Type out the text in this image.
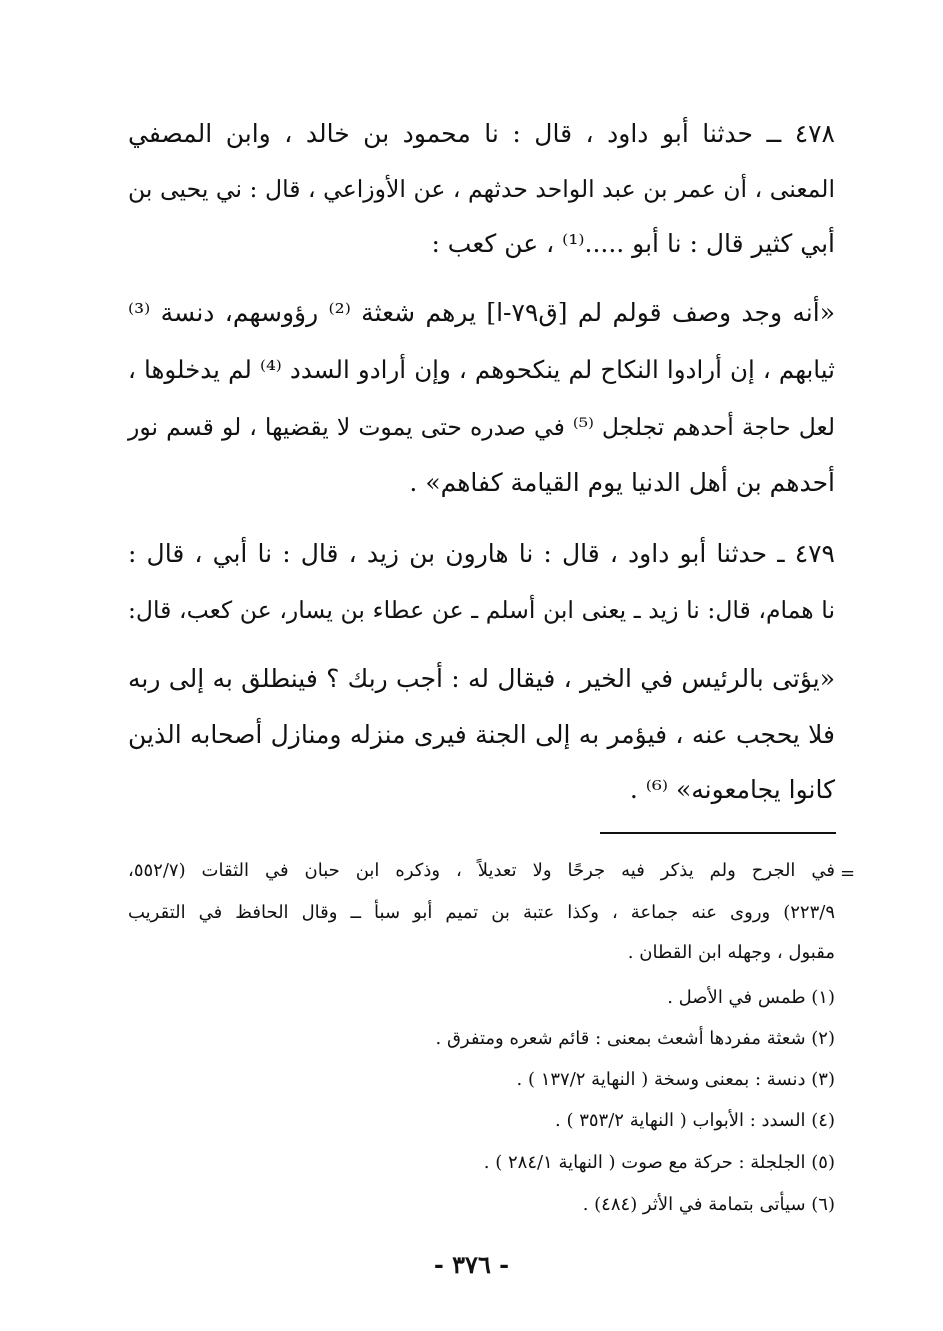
٤٧٨ ــ حدثنا أبو داود ، قال : نا محمود بن خالد ، وابن المصفي
المعنى ، أن عمر بن عبد الواحد حدثهم ، عن الأوزاعي ، قال : ني يحيى بن
أبي كثير قال : نا أبو .....⁽¹⁾ ، عن كعب :
«أنه وجد وصف قولم لم [ق٧٩-ا] يرهم شعثة ⁽²⁾ رؤوسهم، دنسة ⁽³⁾
ثيابهم ، إن أرادوا النكاح لم ينكحوهم ، وإن أرادو السدد ⁽⁴⁾ لم يدخلوها ،
لعل حاجة أحدهم تجلجل ⁽⁵⁾ في صدره حتى يموت لا يقضيها ، لو قسم نور
أحدهم بن أهل الدنيا يوم القيامة كفاهم» .
٤٧٩ ـ حدثنا أبو داود ، قال : نا هارون بن زيد ، قال : نا أبي ، قال :
نا همام، قال: نا زيد ـ يعنى ابن أسلم ـ عن عطاء بن يسار، عن كعب، قال:
«يؤتى بالرئيس في الخير ، فيقال له : أجب ربك ؟ فينطلق به إلى ربه
فلا يحجب عنه ، فيؤمر به إلى الجنة فيرى منزله ومنازل أصحابه الذين
كانوا يجامعونه» ⁽⁶⁾ .
=
في الجرح ولم يذكر فيه جرحًا ولا تعديلاً ، وذكره ابن حبان في الثقات (٥٥٢/٧،
٢٢٣/٩) وروى عنه جماعة ، وكذا عتبة بن تميم أبو سبأ ــ وقال الحافظ في التقريب
مقبول ، وجهله ابن القطان .
(١) طمس في الأصل .
(٢) شعثة مفردها أشعث بمعنى : قائم شعره ومتفرق .
(٣) دنسة : بمعنى وسخة ( النهاية ١٣٧/٢ ) .
(٤) السدد : الأبواب ( النهاية ٣٥٣/٢ ) .
(٥) الجلجلة : حركة مع صوت ( النهاية ٢٨٤/١ ) .
(٦) سيأتى بتمامة في الأثر (٤٨٤) .
- ٣٧٦ -
